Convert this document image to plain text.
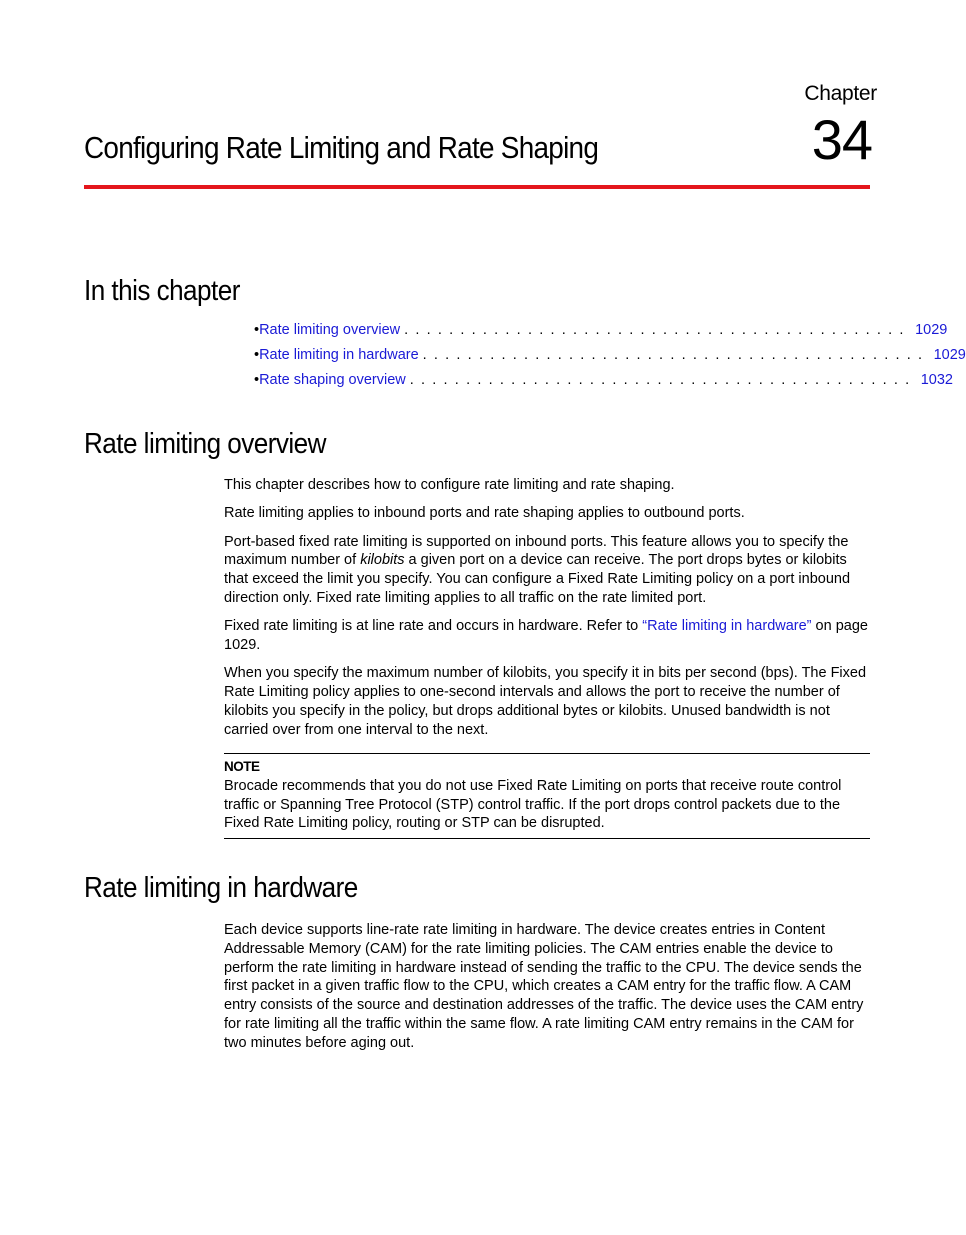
Chapter
34
Configuring Rate Limiting and Rate Shaping
In this chapter
• Rate limiting overview . . . . . . . . . . . . . . . . . . . . . . . . . . . . . . . . . . . . . . . . . . . . . 1029
• Rate limiting in hardware . . . . . . . . . . . . . . . . . . . . . . . . . . . . . . . . . . . . . . . . . . . . . 1029
• Rate shaping overview . . . . . . . . . . . . . . . . . . . . . . . . . . . . . . . . . . . . . . . . . . . . . 1032
Rate limiting overview

This chapter describes how to configure rate limiting and rate shaping.

Rate limiting applies to inbound ports and rate shaping applies to outbound ports.

Port-based fixed rate limiting is supported on inbound ports. This feature allows you to specify the maximum number of kilobits a given port on a device can receive. The port drops bytes or kilobits that exceed the limit you specify. You can configure a Fixed Rate Limiting policy on a port inbound direction only. Fixed rate limiting applies to all traffic on the rate limited port.

Fixed rate limiting is at line rate and occurs in hardware. Refer to “Rate limiting in hardware” on page 1029.

When you specify the maximum number of kilobits, you specify it in bits per second (bps). The Fixed Rate Limiting policy applies to one-second intervals and allows the port to receive the number of kilobits you specify in the policy, but drops additional bytes or kilobits. Unused bandwidth is not carried over from one interval to the next.

NOTE
Brocade recommends that you do not use Fixed Rate Limiting on ports that receive route control traffic or Spanning Tree Protocol (STP) control traffic. If the port drops control packets due to the Fixed Rate Limiting policy, routing or STP can be disrupted.
Rate limiting in hardware

Each device supports line-rate rate limiting in hardware. The device creates entries in Content Addressable Memory (CAM) for the rate limiting policies. The CAM entries enable the device to perform the rate limiting in hardware instead of sending the traffic to the CPU. The device sends the first packet in a given traffic flow to the CPU, which creates a CAM entry for the traffic flow. A CAM entry consists of the source and destination addresses of the traffic. The device uses the CAM entry for rate limiting all the traffic within the same flow. A rate limiting CAM entry remains in the CAM for two minutes before aging out.
